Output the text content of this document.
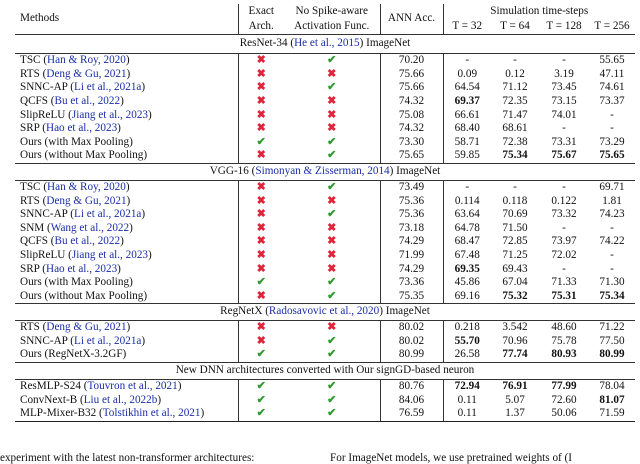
Methods	Exact	No Spike-aware	ANN Acc.	Simulation time-steps			
	Arch.	Activation Func.		T = 32	T = 64	T = 128	T = 256
ResNet-34 (He et al., 2015) ImageNet							
TSC (Han & Roy, 2020)	✖	✔	70.20	-	-	-	55.65
RTS (Deng & Gu, 2021)	✖	✖	75.66	0.09	0.12	3.19	47.11
SNNC-AP (Li et al., 2021a)	✖	✔	75.66	64.54	71.12	73.45	74.61
QCFS (Bu et al., 2022)	✖	✖	74.32	69.37	72.35	73.15	73.37
SlipReLU (Jiang et al., 2023)	✖	✖	75.08	66.61	71.47	74.01	-
SRP (Hao et al., 2023)	✖	✖	74.32	68.40	68.61	-	-
Ours (with Max Pooling)	✔	✔	73.30	58.71	72.38	73.31	73.29
Ours (without Max Pooling)	✖	✔	75.65	59.85	75.34	75.67	75.65
VGG-16 (Simonyan & Zisserman, 2014) ImageNet							
TSC (Han & Roy, 2020)	✖	✔	73.49	-	-	-	69.71
RTS (Deng & Gu, 2021)	✖	✖	75.36	0.114	0.118	0.122	1.81
SNNC-AP (Li et al., 2021a)	✖	✔	75.36	63.64	70.69	73.32	74.23
SNM (Wang et al., 2022)	✖	✖	73.18	64.78	71.50	-	-
QCFS (Bu et al., 2022)	✖	✖	74.29	68.47	72.85	73.97	74.22
SlipReLU (Jiang et al., 2023)	✖	✖	71.99	67.48	71.25	72.02	-
SRP (Hao et al., 2023)	✖	✖	74.29	69.35	69.43	-	-
Ours (with Max Pooling)	✔	✔	73.36	45.86	67.04	71.33	71.30
Ours (without Max Pooling)	✖	✔	75.35	69.16	75.32	75.31	75.34
RegNetX (Radosavovic et al., 2020) ImageNet							
RTS (Deng & Gu, 2021)	✖	✖	80.02	0.218	3.542	48.60	71.22
SNNC-AP (Li et al., 2021a)	✖	✔	80.02	55.70	70.96	75.78	77.50
Ours (RegNetX-3.2GF)	✔	✔	80.99	26.58	77.74	80.93	80.99
New DNN architectures converted with Our signGD-based neuron							
ResMLP-S24 (Touvron et al., 2021)	✔	✔	80.76	72.94	76.91	77.99	78.04
ConvNext-B (Liu et al., 2022b)	✔	✔	84.06	0.11	5.07	72.60	81.07
MLP-Mixer-B32 (Tolstikhin et al., 2021)	✔	✔	76.59	0.11	1.37	50.06	71.59
experiment with the latest non-transformer architectures:	For ImageNet models, we use pretrained weights of (I
